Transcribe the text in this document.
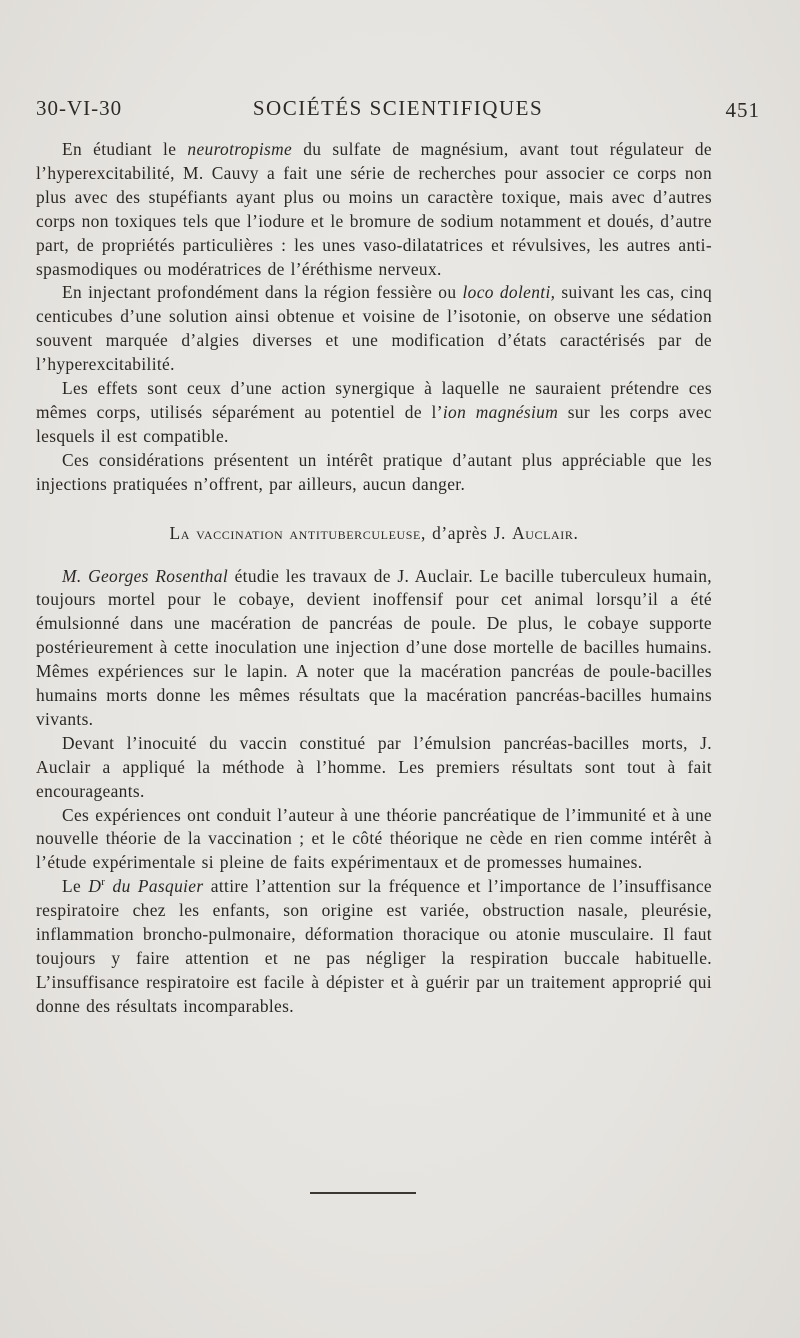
30-VI-30	SOCIÉTÉS SCIENTIFIQUES	451

En étudiant le neurotropisme du sulfate de magnésium, avant tout régulateur de l’hyperexcitabilité, M. Cauvy a fait une série de recherches pour associer ce corps non plus avec des stupéfiants ayant plus ou moins un caractère toxique, mais avec d’autres corps non toxiques tels que l’iodure et le bromure de sodium notamment et doués, d’autre part, de propriétés particulières : les unes vaso-dilatatrices et révulsives, les autres anti-spasmodiques ou modératrices de l’éréthisme nerveux.

En injectant profondément dans la région fessière ou loco dolenti, suivant les cas, cinq centicubes d’une solution ainsi obtenue et voisine de l’isotonie, on observe une sédation souvent marquée d’algies diverses et une modification d’états caractérisés par de l’hyperexcitabilité.

Les effets sont ceux d’une action synergique à laquelle ne sauraient prétendre ces mêmes corps, utilisés séparément au potentiel de l’ion magnésium sur les corps avec lesquels il est compatible.

Ces considérations présentent un intérêt pratique d’autant plus appréciable que les injections pratiquées n’offrent, par ailleurs, aucun danger.

La vaccination antituberculeuse, d’après J. Auclair.

M. Georges Rosenthal étudie les travaux de J. Auclair. Le bacille tuberculeux humain, toujours mortel pour le cobaye, devient inoffensif pour cet animal lorsqu’il a été émulsionné dans une macération de pancréas de poule. De plus, le cobaye supporte postérieurement à cette inoculation une injection d’une dose mortelle de bacilles humains. Mêmes expériences sur le lapin. A noter que la macération pancréas de poule-bacilles humains morts donne les mêmes résultats que la macération pancréas-bacilles humains vivants.

Devant l’inocuité du vaccin constitué par l’émulsion pancréas-bacilles morts, J. Auclair a appliqué la méthode à l’homme. Les premiers résultats sont tout à fait encourageants.

Ces expériences ont conduit l’auteur à une théorie pancréatique de l’immunité et à une nouvelle théorie de la vaccination ; et le côté théorique ne cède en rien comme intérêt à l’étude expérimentale si pleine de faits expérimentaux et de promesses humaines.

Le $D^r$ du Pasquier attire l’attention sur la fréquence et l’importance de l’insuffisance respiratoire chez les enfants, son origine est variée, obstruction nasale, pleurésie, inflammation broncho-pulmonaire, déformation thoracique ou atonie musculaire. Il faut toujours y faire attention et ne pas négliger la respiration buccale habituelle. L’insuffisance respiratoire est facile à dépister et à guérir par un traitement approprié qui donne des résultats incomparables.
